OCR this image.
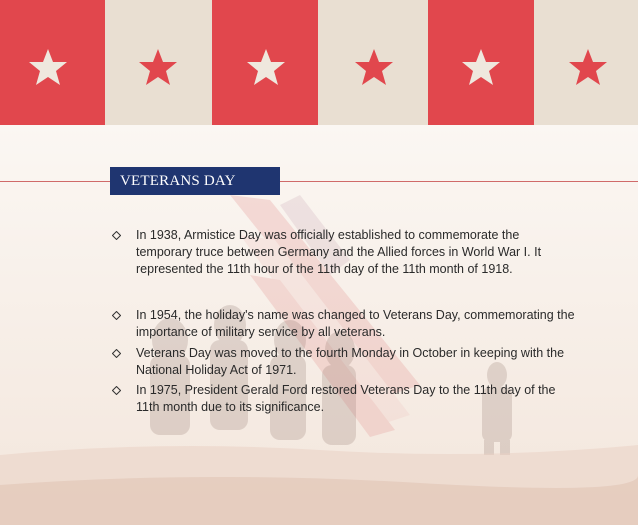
VETERANS DAY
In 1938, Armistice Day was officially established to commemorate the temporary truce between Germany and the Allied forces in World War I. It represented the 11th hour of the 11th day of the 11th month of 1918.
In 1954, the holiday's name was changed to Veterans Day, commemorating the importance of military service by all veterans.
Veterans Day was moved to the fourth Monday in October in keeping with the National Holiday Act of 1971.
In 1975, President Gerald Ford restored Veterans Day to the 11th day of the 11th month due to its significance.
